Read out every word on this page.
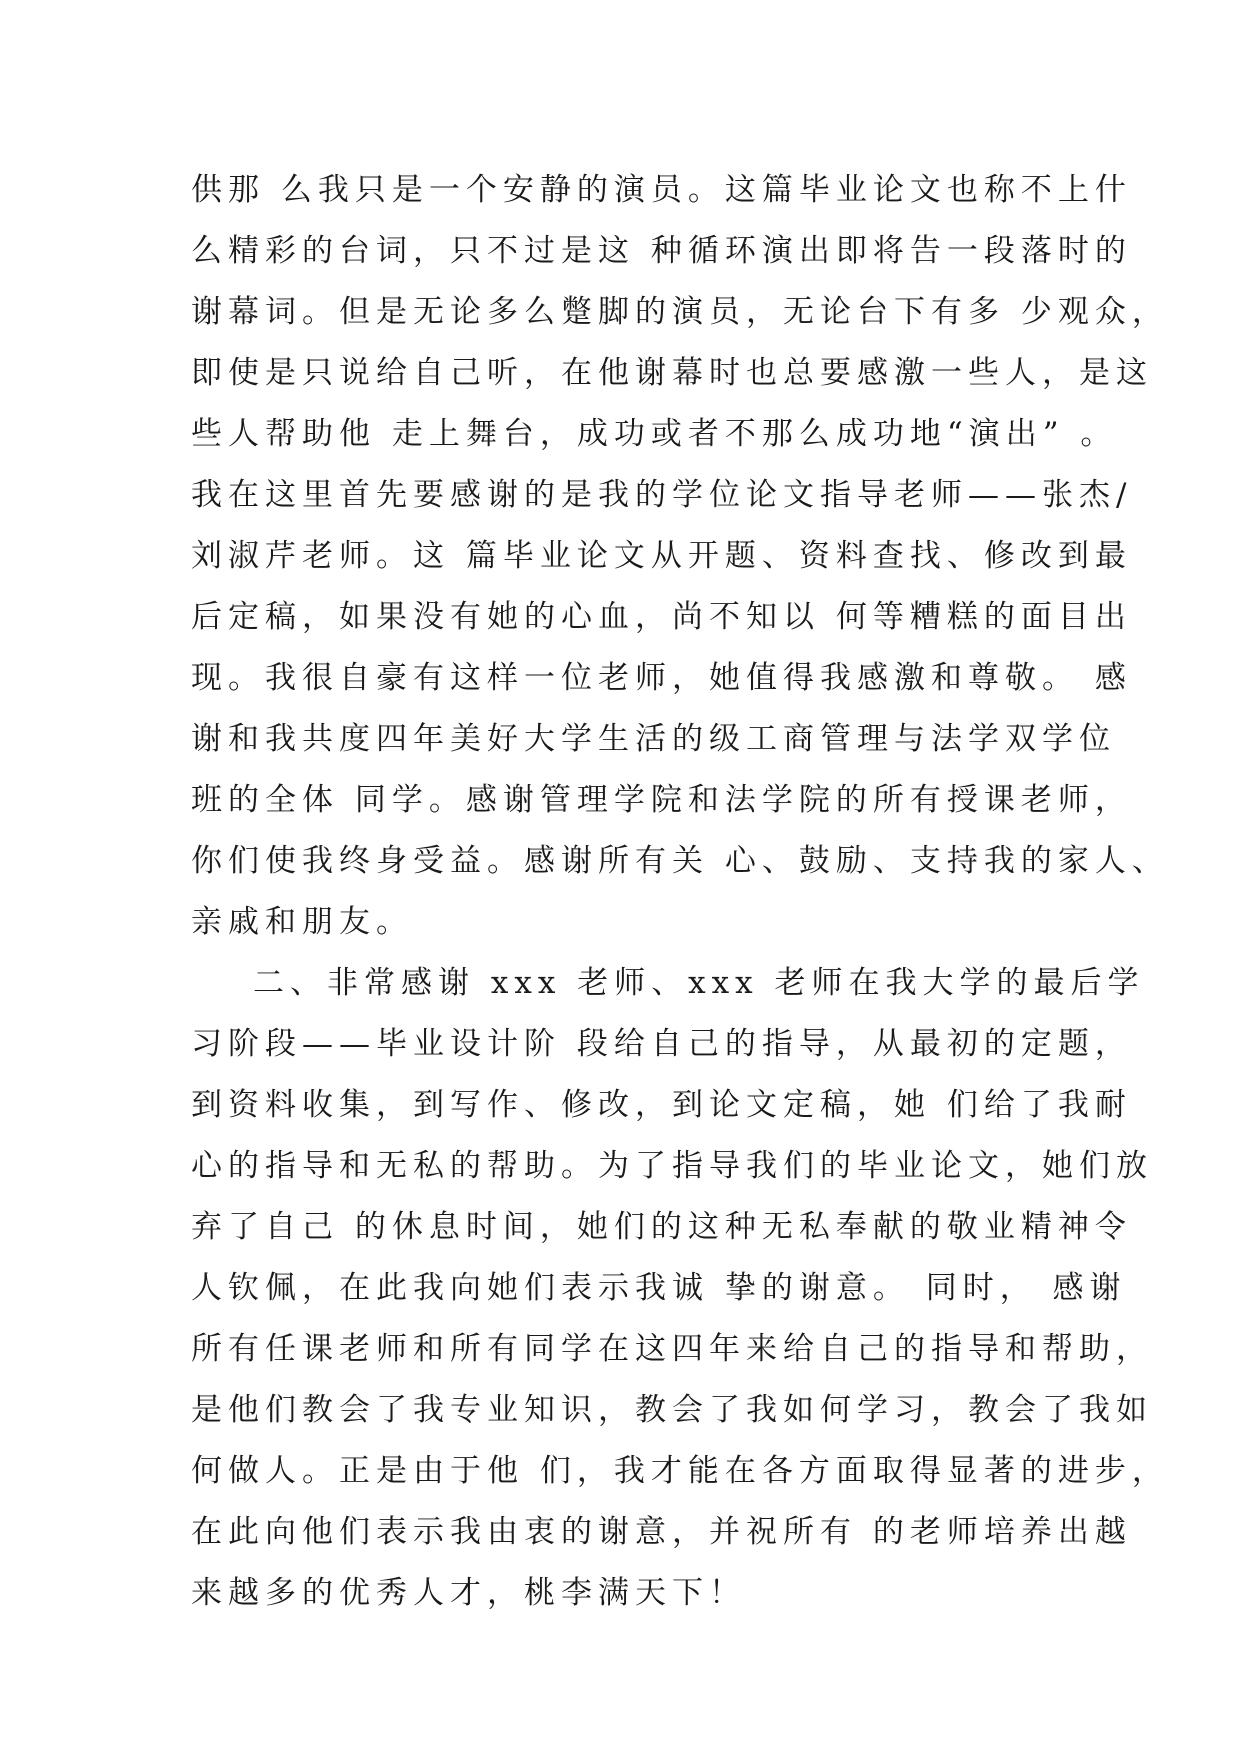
供那 么我只是一个安静的演员。这篇毕业论文也称不上什
么精彩的台词，只不过是这 种循环演出即将告一段落时的
谢幕词。但是无论多么蹩脚的演员，无论台下有多 少观众，
即使是只说给自己听，在他谢幕时也总要感激一些人，是这
些人帮助他 走上舞台，成功或者不那么成功地“演出” 。
我在这里首先要感谢的是我的学位论文指导老师——张杰/
刘淑芹老师。这 篇毕业论文从开题、资料查找、修改到最
后定稿，如果没有她的心血，尚不知以 何等糟糕的面目出
现。我很自豪有这样一位老师，她值得我感激和尊敬。 感
谢和我共度四年美好大学生活的级工商管理与法学双学位
班的全体 同学。感谢管理学院和法学院的所有授课老师，
你们使我终身受益。感谢所有关 心、鼓励、支持我的家人、
亲戚和朋友。
二、非常感谢 xxx 老师、xxx 老师在我大学的最后学
习阶段——毕业设计阶 段给自己的指导，从最初的定题，
到资料收集，到写作、修改，到论文定稿，她 们给了我耐
心的指导和无私的帮助。为了指导我们的毕业论文，她们放
弃了自己 的休息时间，她们的这种无私奉献的敬业精神令
人钦佩，在此我向她们表示我诚 挚的谢意。 同时， 感谢
所有任课老师和所有同学在这四年来给自己的指导和帮助，
是他们教会了我专业知识，教会了我如何学习，教会了我如
何做人。正是由于他 们，我才能在各方面取得显著的进步，
在此向他们表示我由衷的谢意，并祝所有 的老师培养出越
来越多的优秀人才，桃李满天下！
